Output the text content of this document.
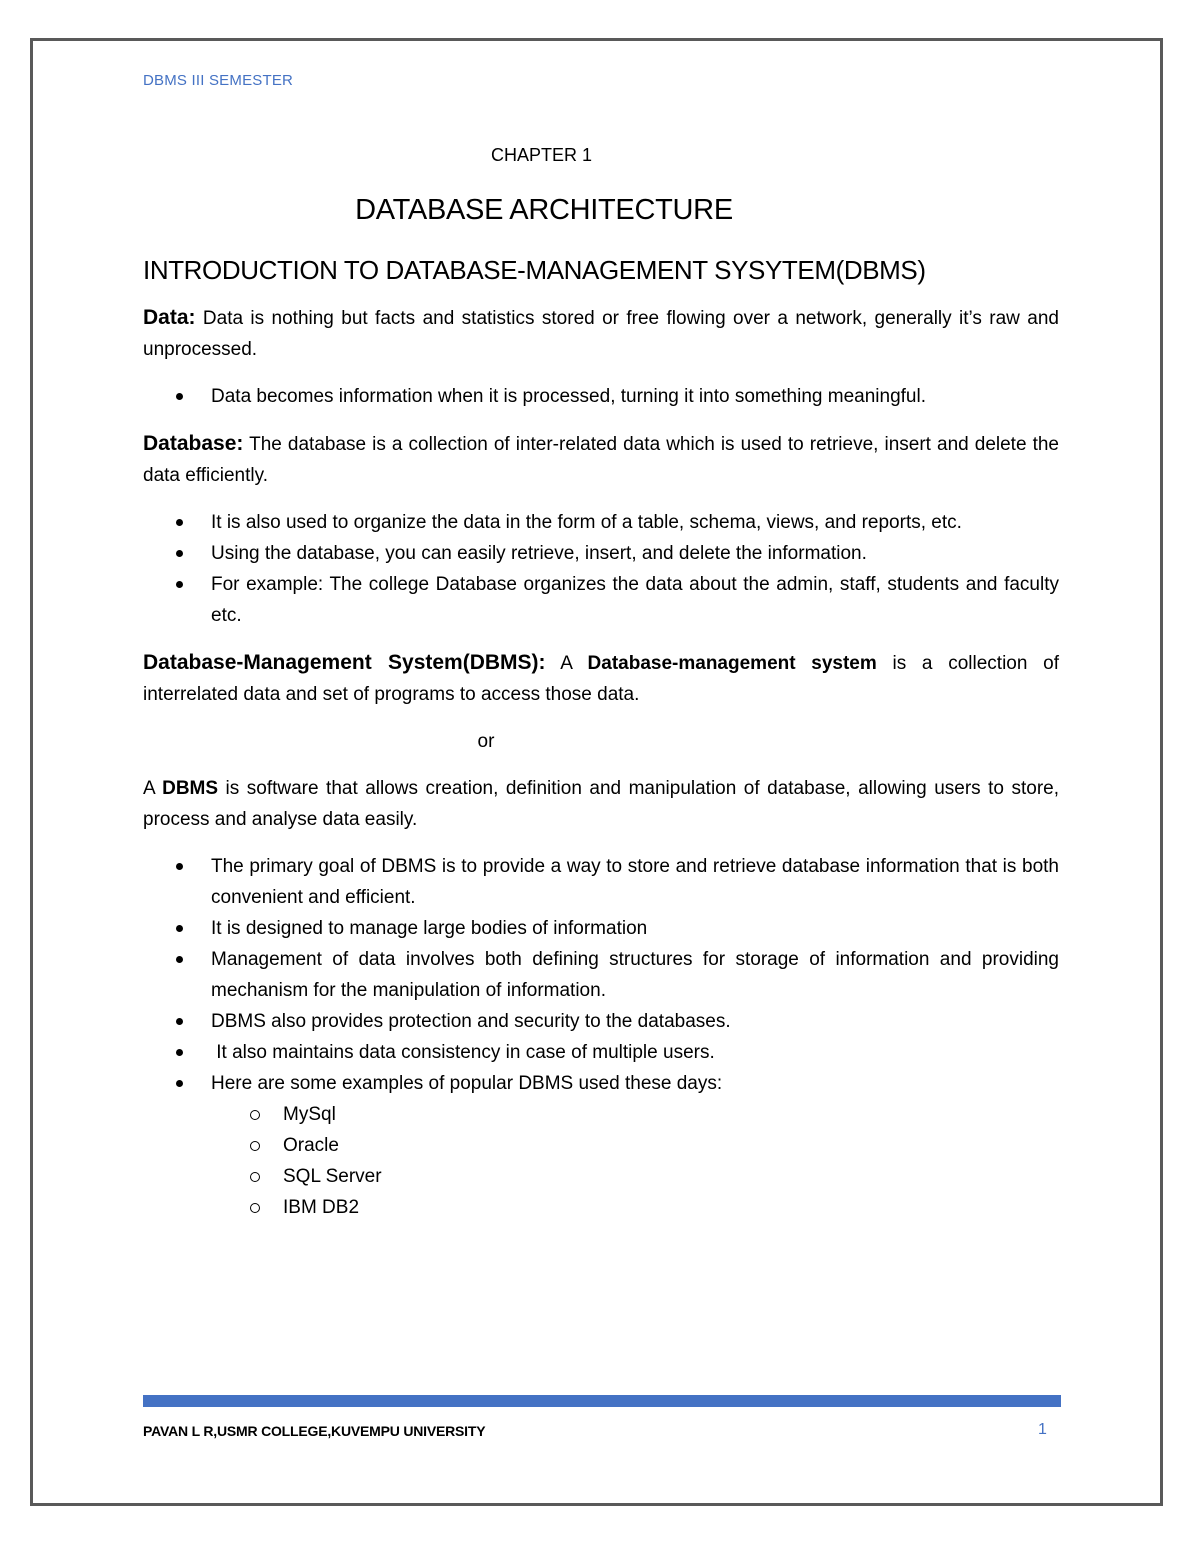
DBMS III SEMESTER
CHAPTER 1
DATABASE ARCHITECTURE
INTRODUCTION TO DATABASE-MANAGEMENT SYSYTEM(DBMS)

Data: Data is nothing but facts and statistics stored or free flowing over a network, generally it’s raw and unprocessed.

Data becomes information when it is processed, turning it into something meaningful.

Database: The database is a collection of inter-related data which is used to retrieve, insert and delete the data efficiently.

It is also used to organize the data in the form of a table, schema, views, and reports, etc.
Using the database, you can easily retrieve, insert, and delete the information.
For example: The college Database organizes the data about the admin, staff, students and faculty etc.

Database-Management System(DBMS): A Database-management system is a collection of interrelated data and set of programs to access those data.

or

A DBMS is software that allows creation, definition and manipulation of database, allowing users to store, process and analyse data easily.

The primary goal of DBMS is to provide a way to store and retrieve database information that is both convenient and efficient.
It is designed to manage large bodies of information
Management of data involves both defining structures for storage of information and providing mechanism for the manipulation of information.
DBMS also provides protection and security to the databases.
It also maintains data consistency in case of multiple users.
Here are some examples of popular DBMS used these days:
MySql
Oracle
SQL Server
IBM DB2
PAVAN L R,USMR COLLEGE,KUVEMPU UNIVERSITY	1
